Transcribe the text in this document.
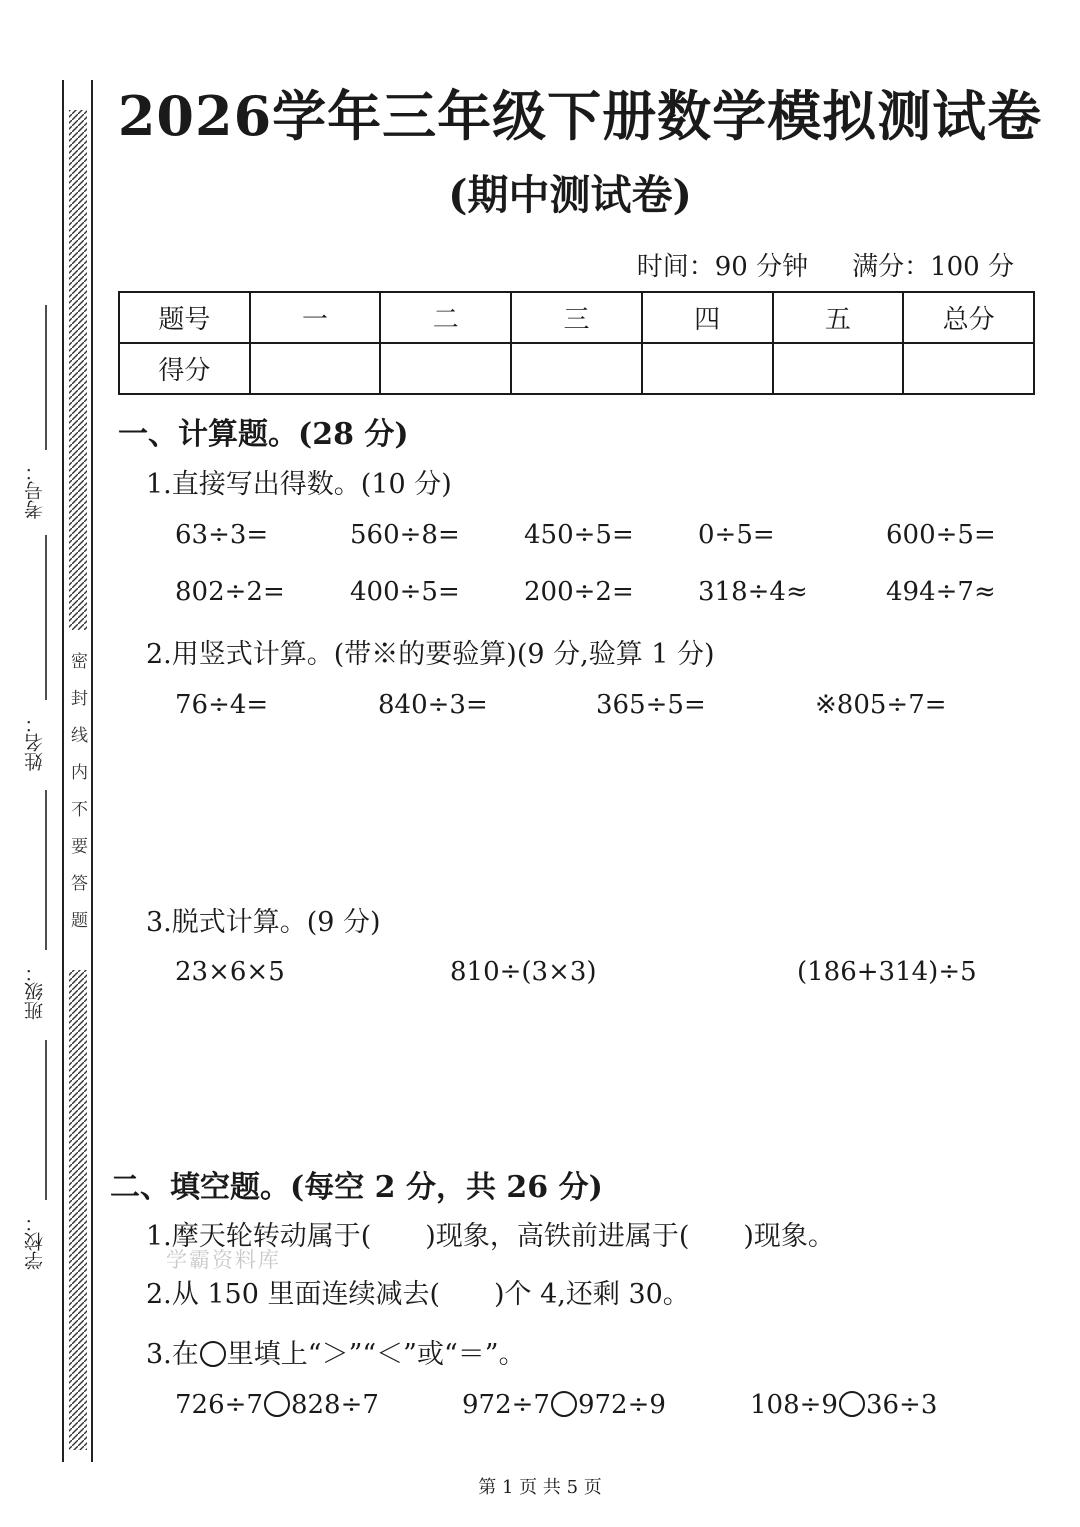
考号：
姓名：
班级：
学校：
密封线内不要答题
2026学年三年级下册数学模拟测试卷
(期中测试卷)
时间：90 分钟 满分：100 分
题号	一	二	三	四	五	总分
得分						
一、计算题。(28 分)
1.直接写出得数。(10 分)
63÷3=	560÷8= 450÷5= 0÷5=	600÷5=
802÷2=	400÷5= 200÷2= 318÷4≈	494÷7≈
2.用竖式计算。(带※的要验算)(9 分,验算 1 分)
76÷4=	840÷3=	365÷5=	※805÷7=
3.脱式计算。(9 分)
23×6×5	810÷(3×3)	(186+314)÷5
二、填空题。(每空 2 分，共 26 分)
1.摩天轮转动属于(　　)现象，高铁前进属于(　　)现象。
学霸资料库
2.从 150 里面连续减去(　　)个 4,还剩 30。
3.在 里填上“＞”“＜”或“＝”。
726÷7 828÷7	972÷7 972÷9	108÷9 36÷3
第 1 页 共 5 页
